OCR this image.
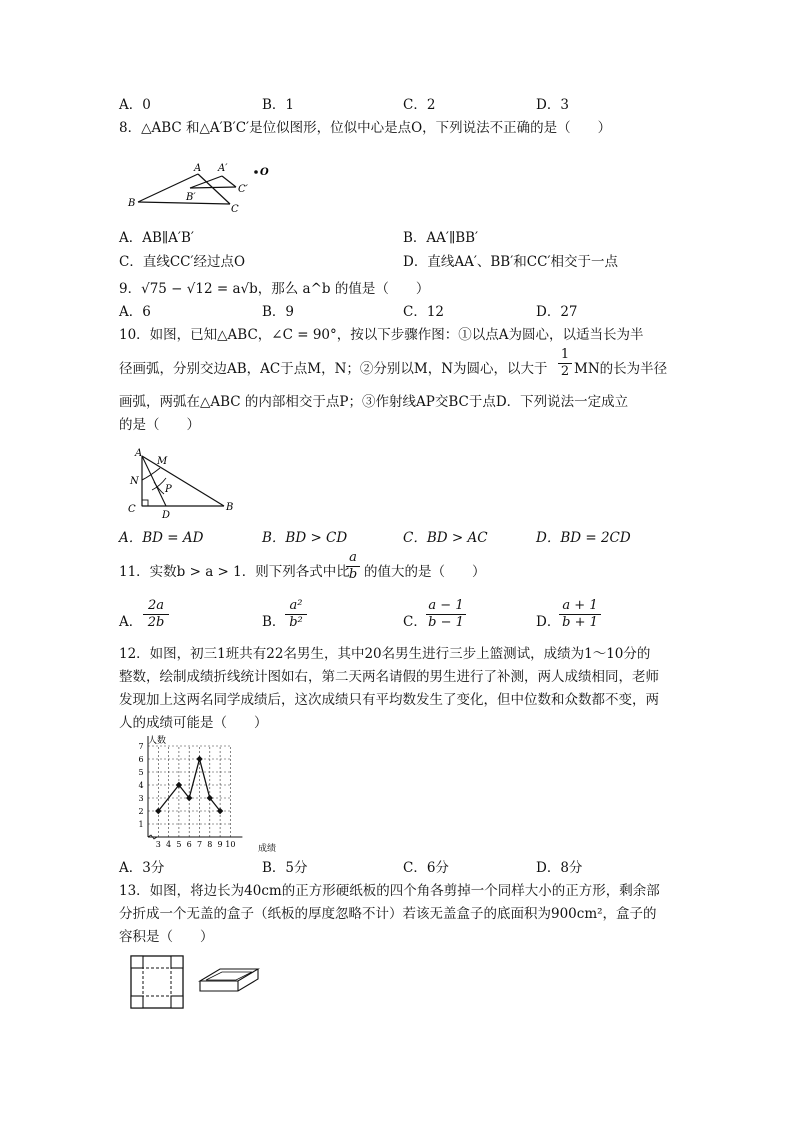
A．0	B．1	C．2	D．3
8．△ABC 和△A′B′C′是位似图形，位似中心是点O，下列说法不正确的是（　　）
A A′	O
B
B′
C′
C
A．AB∥A′B′	B．AA′∥BB′
C．直线CC′经过点O	D．直线AA′、BB′和CC′相交于一点
9．√75 − √12 = a√b，那么 a^b 的值是（　　）
A．6	B．9	C．12	D．27
10．如图，已知△ABC，∠C = 90°，按以下步骤作图：①以点A为圆心，以适当长为半
径画弧，分别交边AB，AC于点M，N；②分别以M，N为圆心，以大于 $\frac{1}{2}$ MN的长为半径
画弧，两弧在△ABC 的内部相交于点P；③作射线AP交BC于点D．下列说法一定成立
的是（　　）
A
M
N
P
C
D
B
A．BD = AD	B．BD > CD	C．BD > AC	D．BD = 2CD
11．实数b > a > 1．则下列各式中比
$\frac{a}{b}$ 的值大的是（　　）
A． $\frac{2a}{2b}$	B． $\frac{\text{a²}}{\text{b²}}$	C． $\frac{a - 1}{b - 1}$	D．
$\frac{a + 1}{b + 1}$
12．如图，初三1班共有22名男生，其中20名男生进行三步上篮测试，成绩为1～10分的
整数，绘制成绩折线统计图如右，第二天两名请假的男生进行了补测，两人成绩相同，老师
发现加上这两名同学成绩后，这次成绩只有平均数发生了变化，但中位数和众数都不变，两
人的成绩可能是（　　）
人数
成绩
1
2
3
4
5
6
7
3 4 5 6 7 8 9 10
A．3分	B．5分	C．6分	D．8分
13．如图，将边长为40cm的正方形硬纸板的四个角各剪掉一个同样大小的正方形，剩余部
分折成一个无盖的盒子（纸板的厚度忽略不计）若该无盖盒子的底面积为900cm²，盒子的
容积是（　　）
